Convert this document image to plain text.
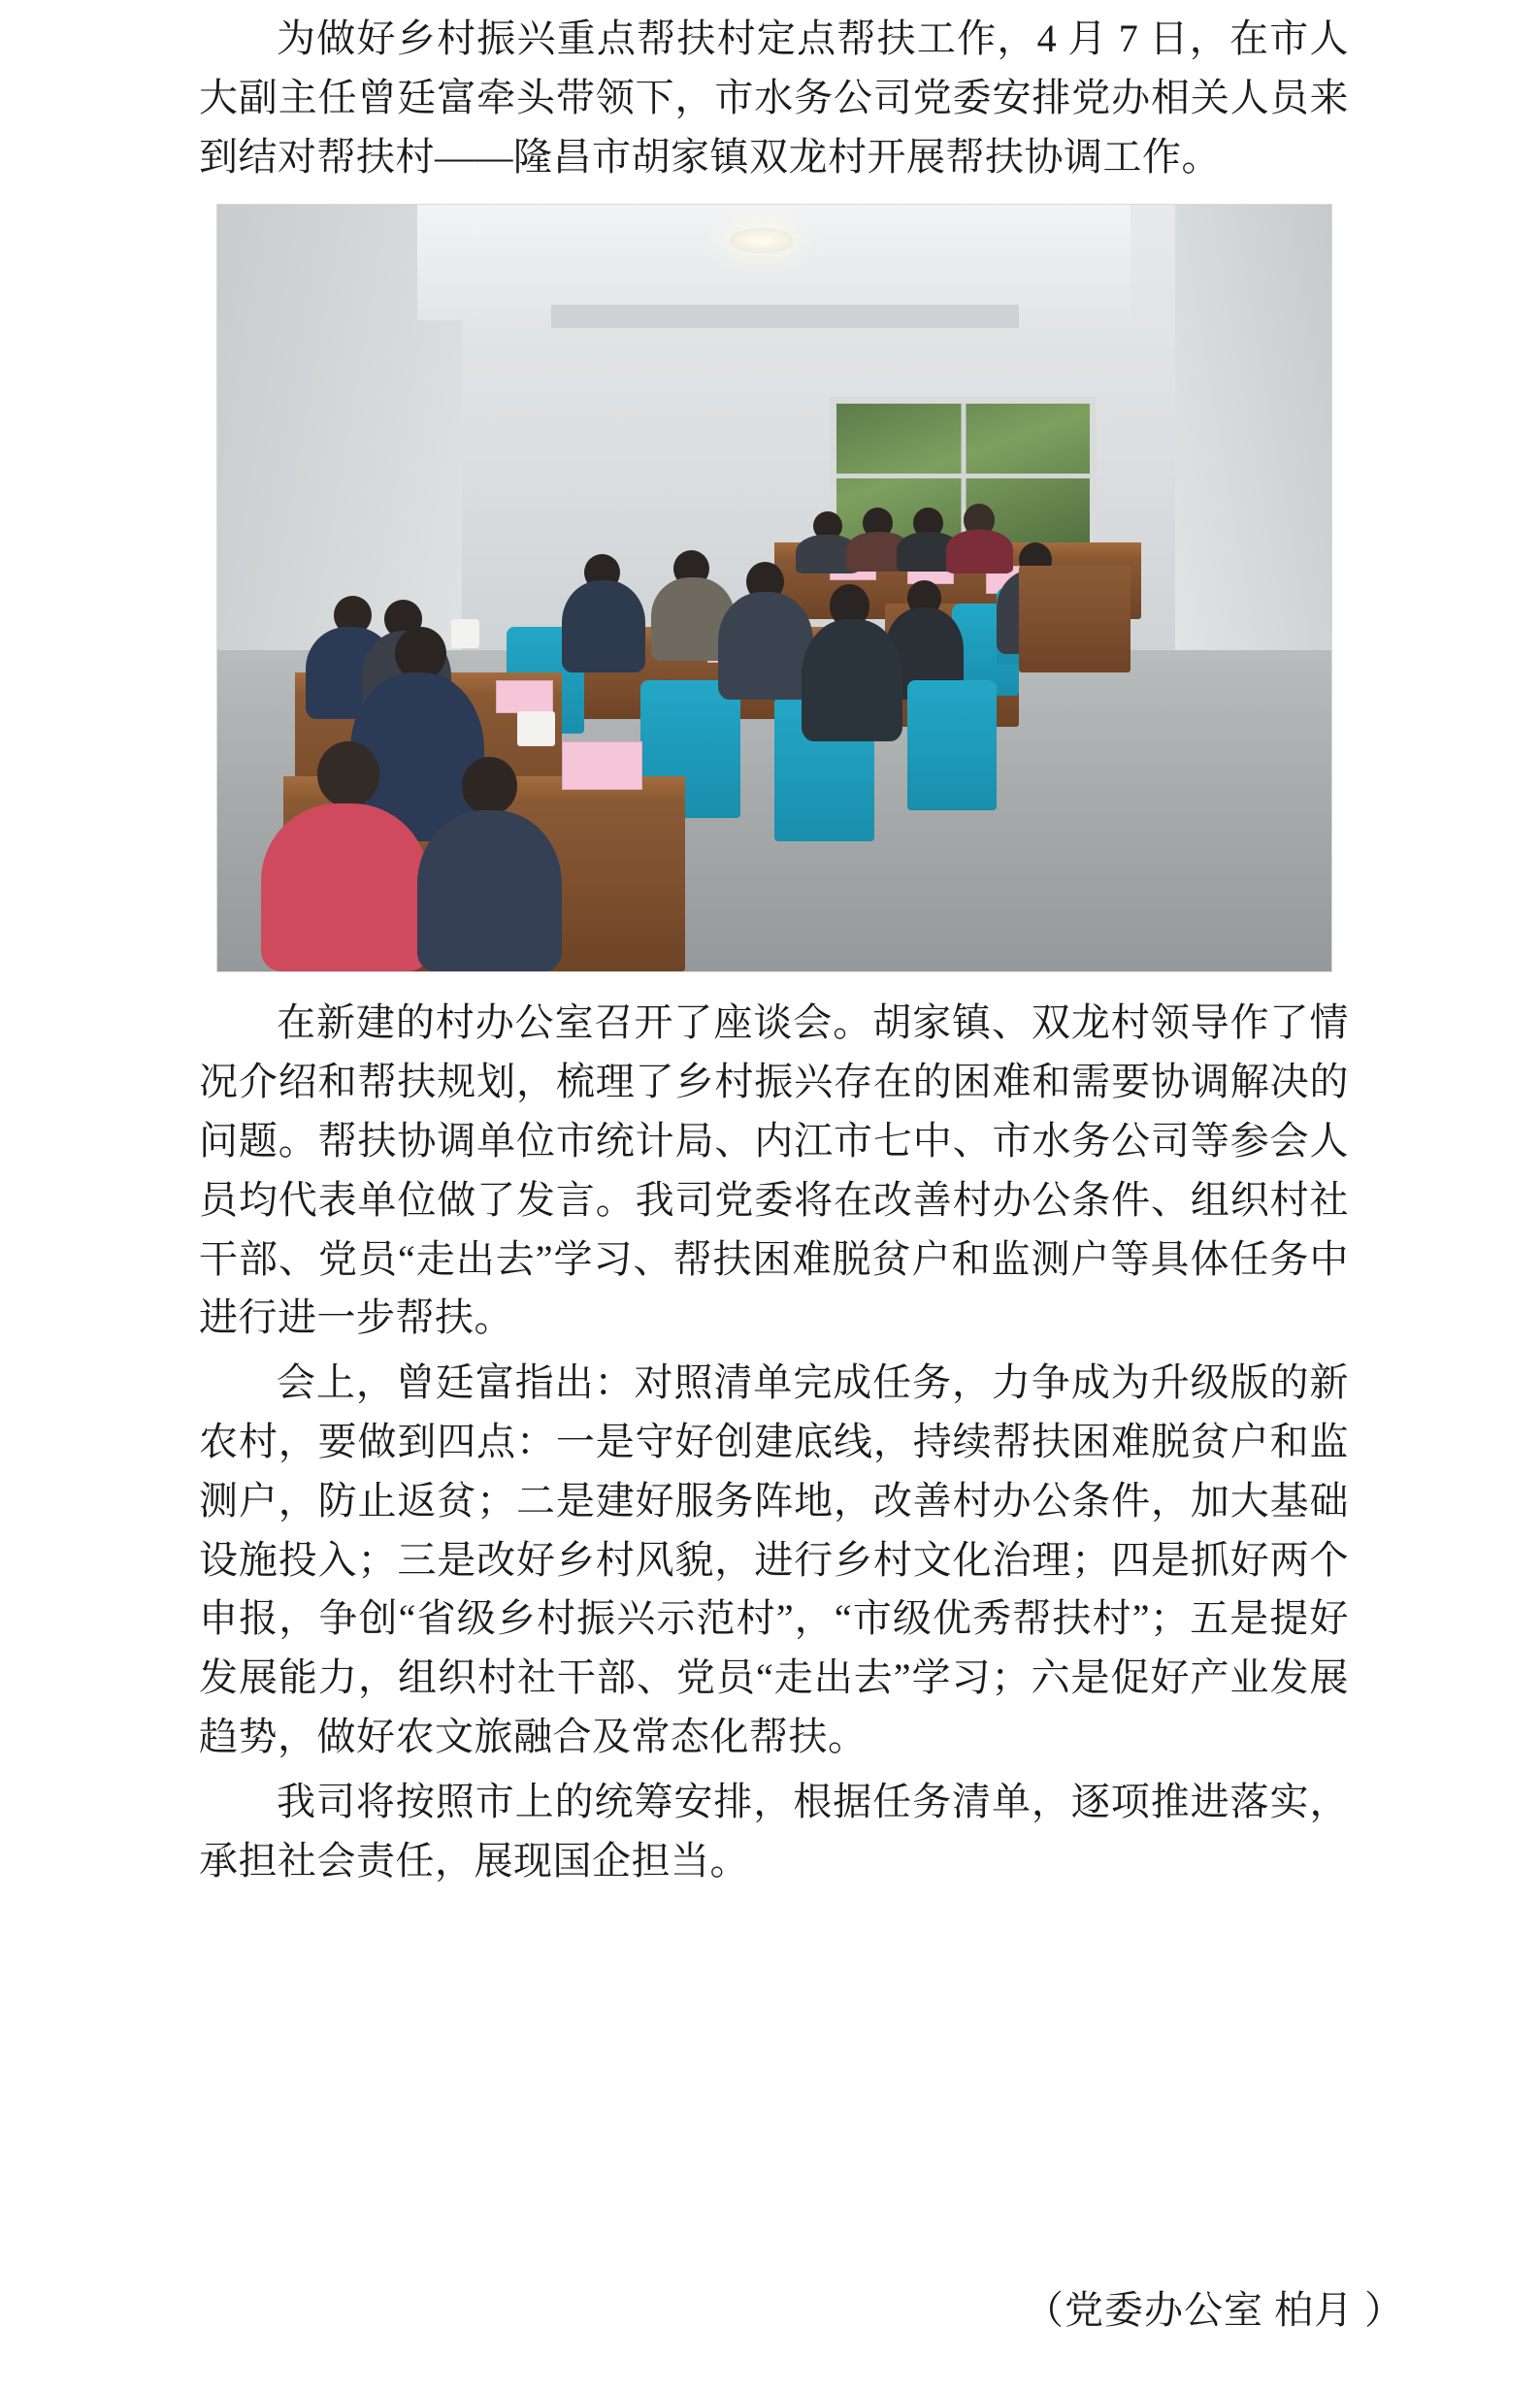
为做好乡村振兴重点帮扶村定点帮扶工作，4 月 7 日，在市人大副主任曾廷富牵头带领下，市水务公司党委安排党办相关人员来到结对帮扶村——隆昌市胡家镇双龙村开展帮扶协调工作。

在新建的村办公室召开了座谈会。胡家镇、双龙村领导作了情况介绍和帮扶规划，梳理了乡村振兴存在的困难和需要协调解决的问题。帮扶协调单位市统计局、内江市七中、市水务公司等参会人员均代表单位做了发言。我司党委将在改善村办公条件、组织村社干部、党员“走出去”学习、帮扶困难脱贫户和监测户等具体任务中进行进一步帮扶。

会上，曾廷富指出：对照清单完成任务，力争成为升级版的新农村，要做到四点：一是守好创建底线，持续帮扶困难脱贫户和监测户，防止返贫；二是建好服务阵地，改善村办公条件，加大基础设施投入；三是改好乡村风貌，进行乡村文化治理；四是抓好两个申报，争创“省级乡村振兴示范村”，“市级优秀帮扶村”；五是提好发展能力，组织村社干部、党员“走出去”学习；六是促好产业发展趋势，做好农文旅融合及常态化帮扶。

我司将按照市上的统筹安排，根据任务清单，逐项推进落实，承担社会责任，展现国企担当。

（党委办公室 柏月 ）
